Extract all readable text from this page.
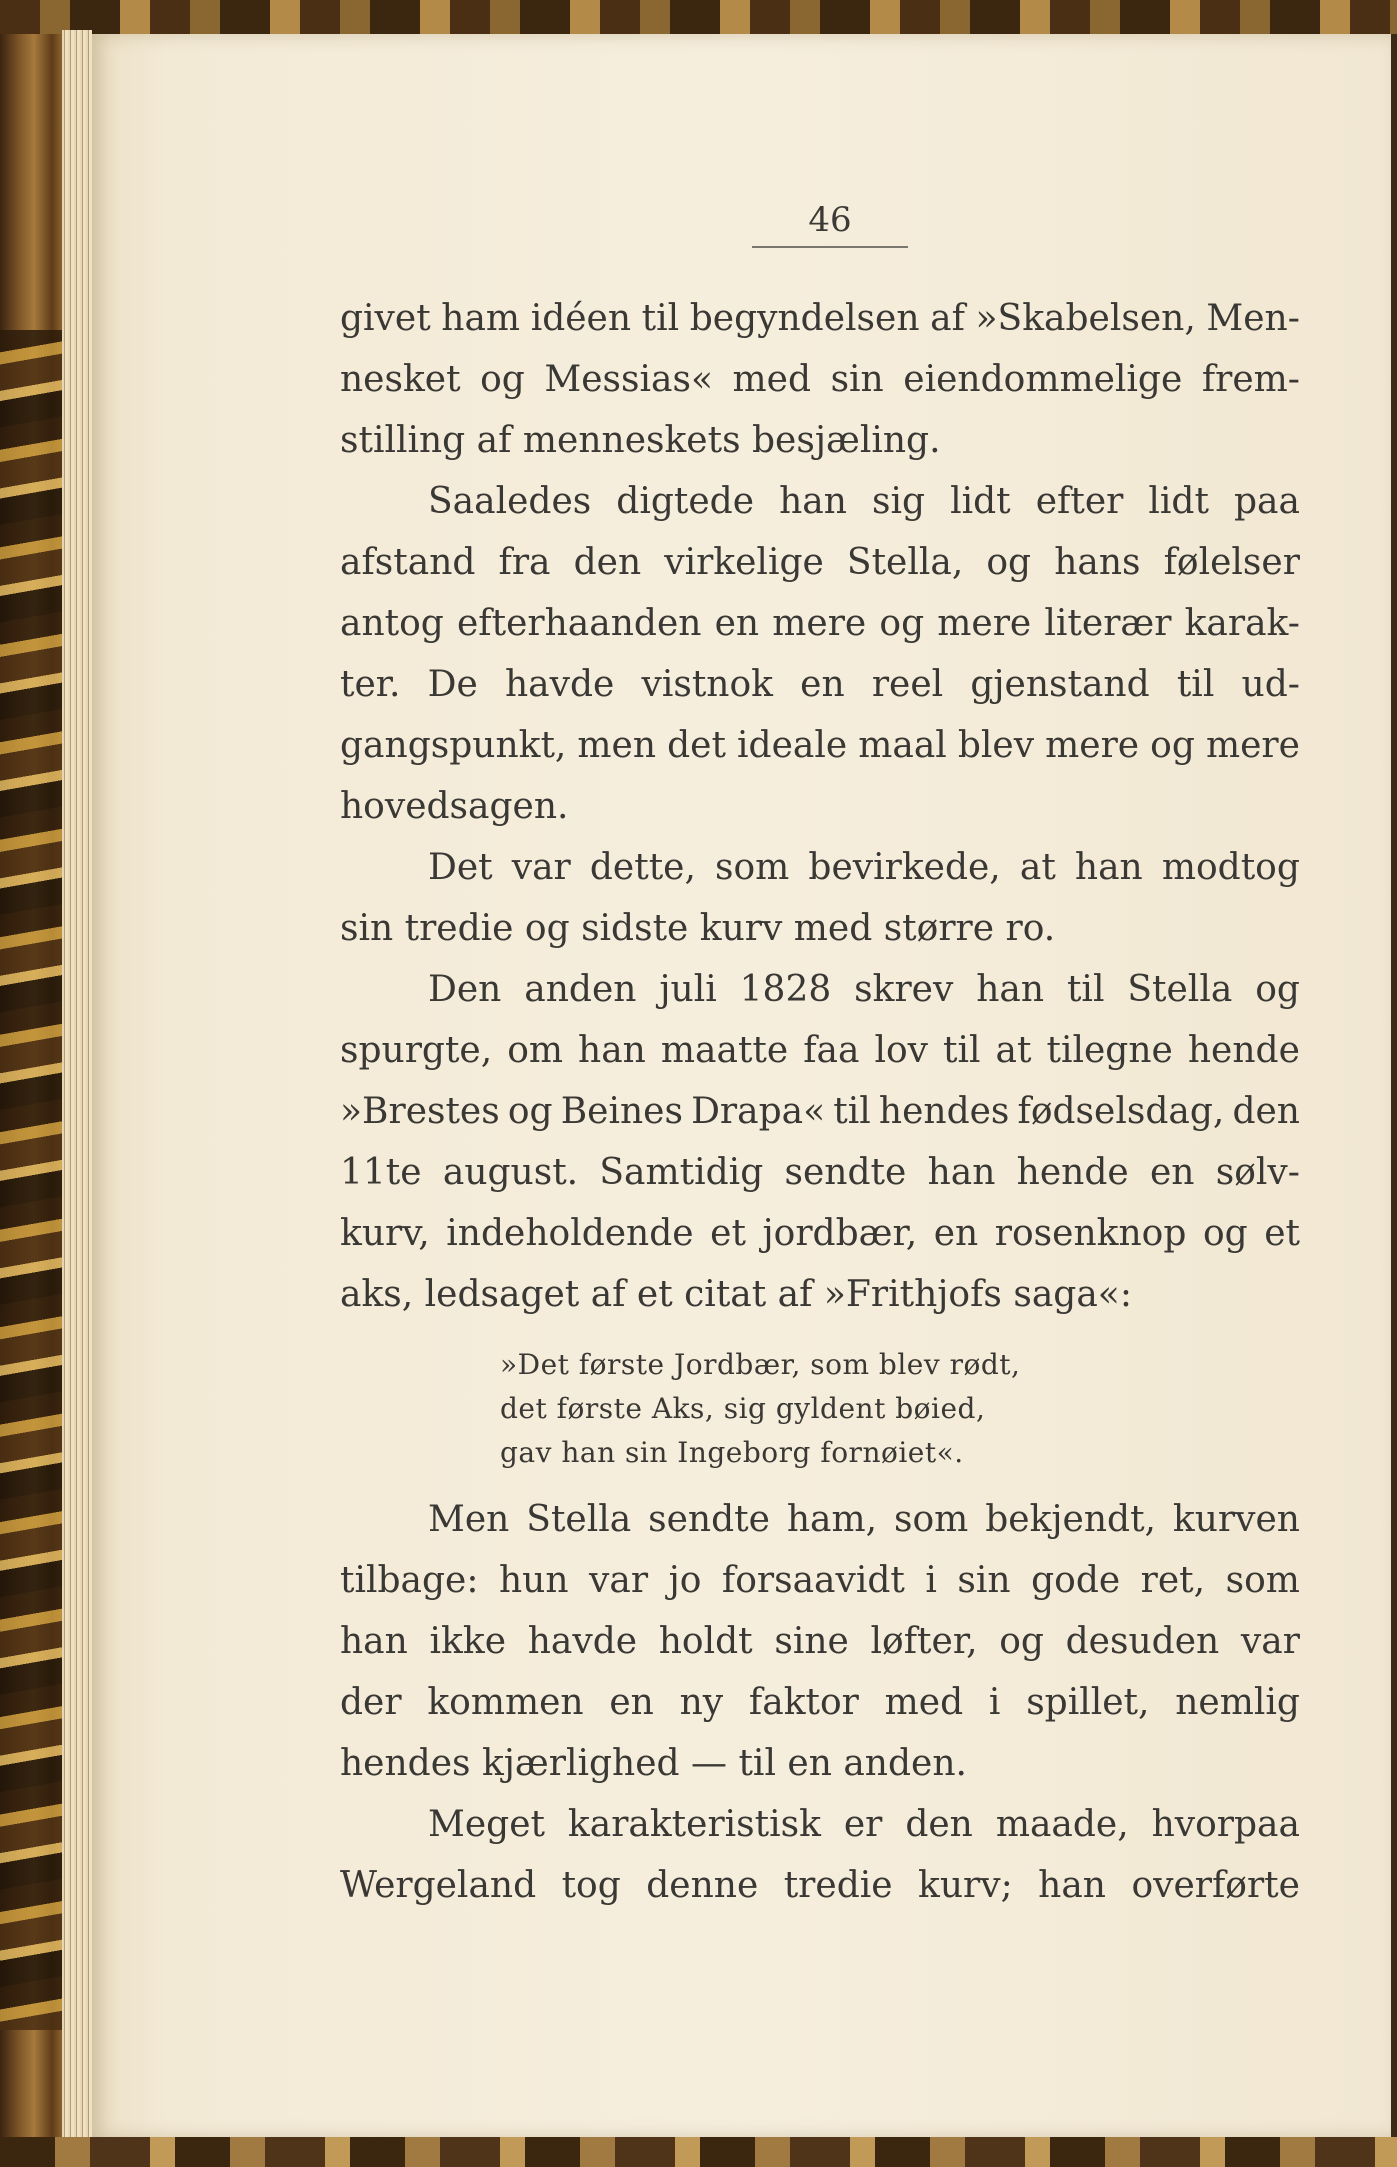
46
givet ham idéen til begyndelsen af »Skabelsen, Men-
nesket og Messias« med sin eiendommelige frem-
stilling af menneskets besjæling.
Saaledes digtede han sig lidt efter lidt paa
afstand fra den virkelige Stella, og hans følelser
antog efterhaanden en mere og mere literær karak-
ter. De havde vistnok en reel gjenstand til ud-
gangspunkt, men det ideale maal blev mere og mere
hovedsagen.
Det var dette, som bevirkede, at han modtog
sin tredie og sidste kurv med større ro.
Den anden juli 1828 skrev han til Stella og
spurgte, om han maatte faa lov til at tilegne hende
»Brestes og Beines Drapa« til hendes fødselsdag, den
11te august. Samtidig sendte han hende en sølv-
kurv, indeholdende et jordbær, en rosenknop og et
aks, ledsaget af et citat af »Frithjofs saga«:
»Det første Jordbær, som blev rødt,
det første Aks, sig gyldent bøied,
gav han sin Ingeborg fornøiet«.
Men Stella sendte ham, som bekjendt, kurven
tilbage: hun var jo forsaavidt i sin gode ret, som
han ikke havde holdt sine løfter, og desuden var
der kommen en ny faktor med i spillet, nemlig
hendes kjærlighed — til en anden.
Meget karakteristisk er den maade, hvorpaa
Wergeland tog denne tredie kurv; han overførte
